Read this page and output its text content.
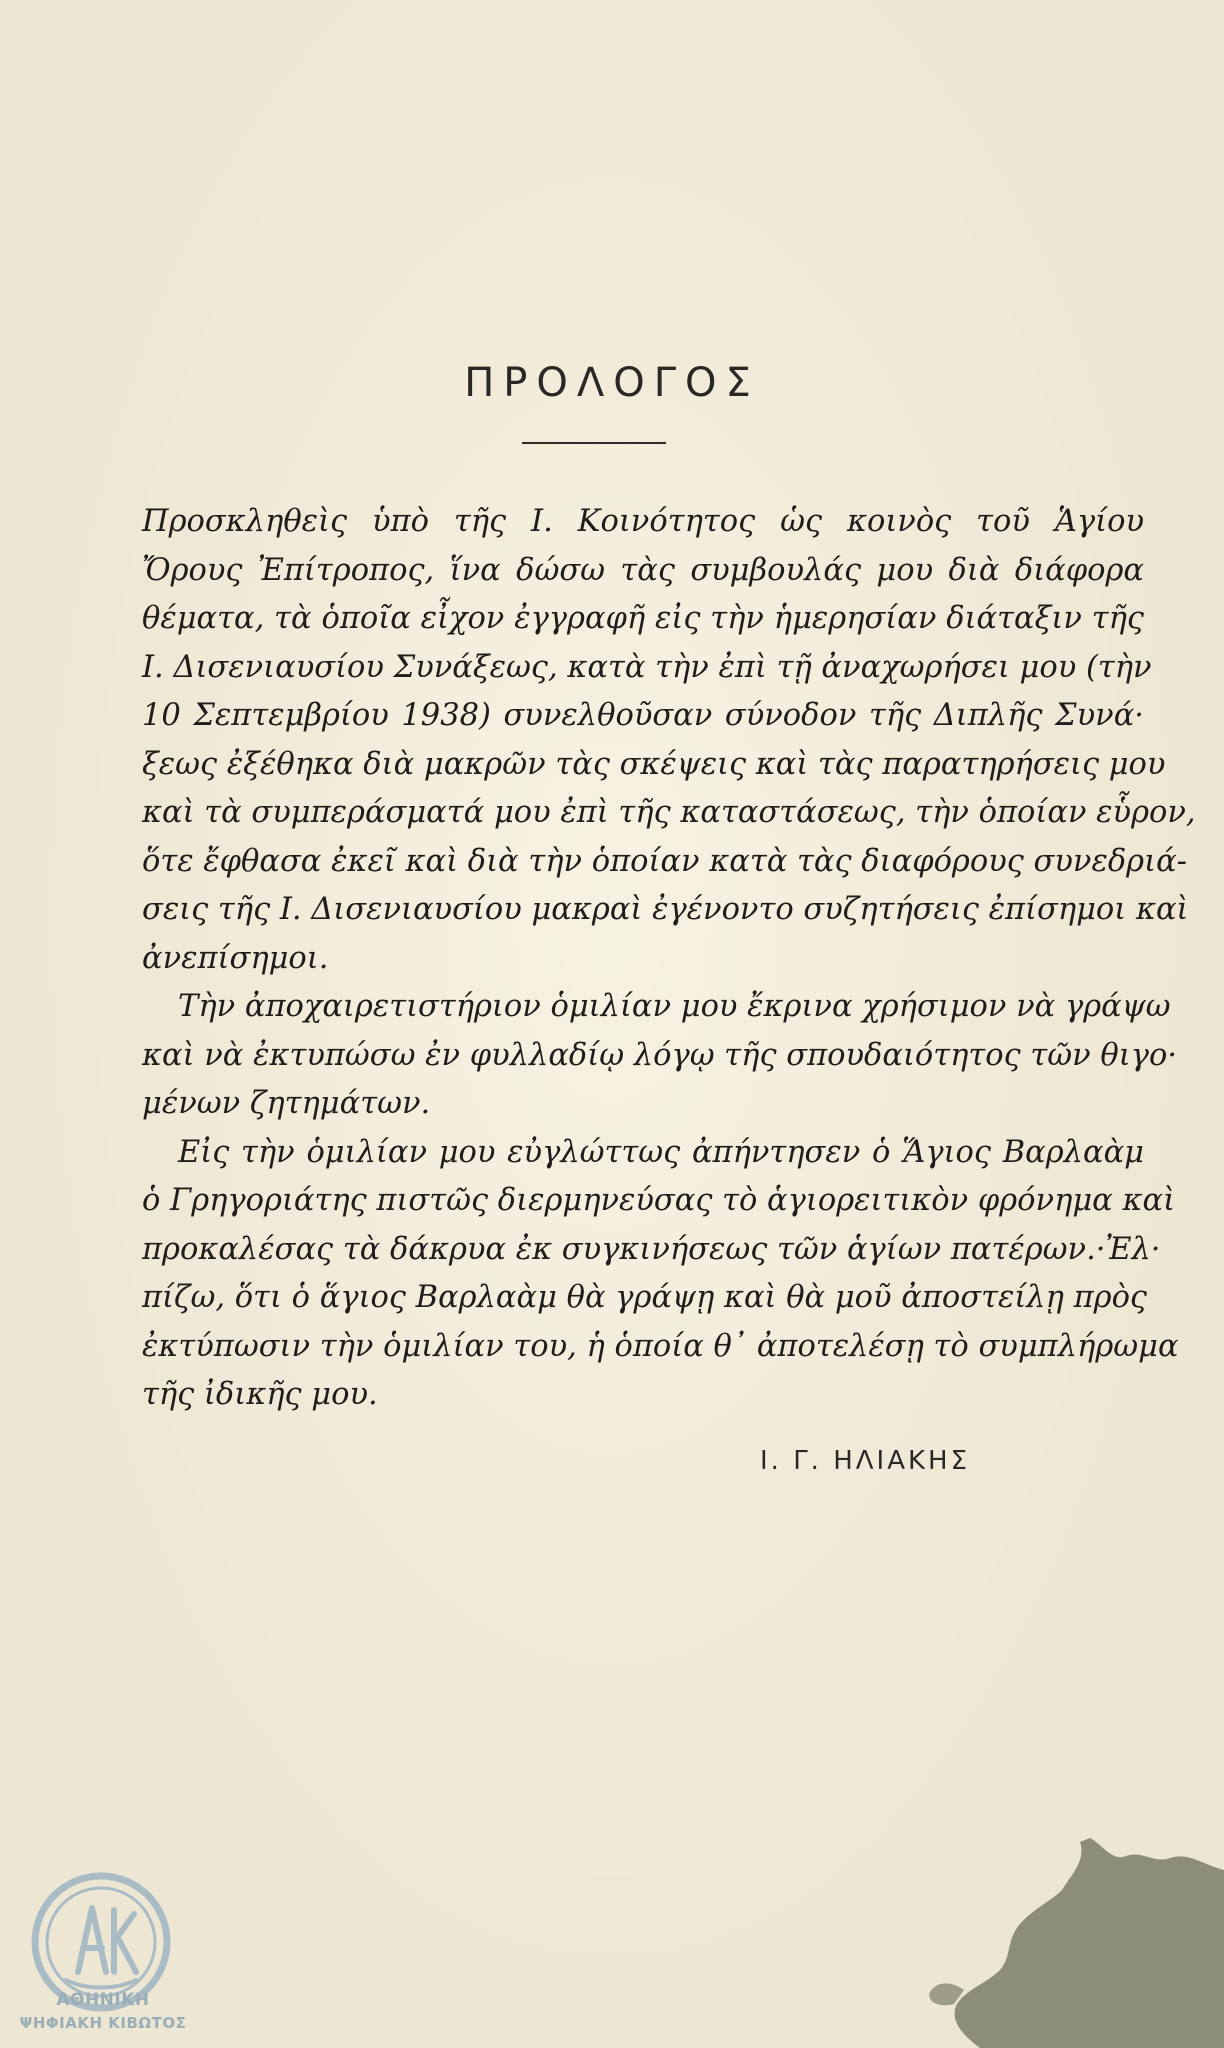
ΠΡΟΛΟΓΟΣ
Προσκληθεὶς ὑπὸ τῆς Ι. Κοινότητος ὡς κοινὸς τοῦ Ἁγίου
Ὄρους Ἐπίτροπος, ἵνα δώσω τὰς συμβουλάς μου διὰ διάφορα
θέματα, τὰ ὁποῖα εἶχον ἐγγραφῆ εἰς τὴν ἡμερησίαν διάταξιν τῆς
Ι. Δισενιαυσίου Συνάξεως, κατὰ τὴν ἐπὶ τῇ ἀναχωρήσει μου (τὴν
10 Σεπτεμβρίου 1938) συνελθοῦσαν σύνοδον τῆς Διπλῆς Συνά·
ξεως ἐξέθηκα διὰ μακρῶν τὰς σκέψεις καὶ τὰς παρατηρήσεις μου
καὶ τὰ συμπεράσματά μου ἐπὶ τῆς καταστάσεως, τὴν ὁποίαν εὗρον,
ὅτε ἔφθασα ἐκεῖ καὶ διὰ τὴν ὁποίαν κατὰ τὰς διαφόρους συνεδριά-
σεις τῆς Ι. Δισενιαυσίου μακραὶ ἐγένοντο συζητήσεις ἐπίσημοι καὶ
ἀνεπίσημοι.
Τὴν ἀποχαιρετιστήριον ὁμιλίαν μου ἔκρινα χρήσιμον νὰ γράψω
καὶ νὰ ἐκτυπώσω ἐν φυλλαδίῳ λόγῳ τῆς σπουδαιότητος τῶν θιγο·
μένων ζητημάτων.
Εἰς τὴν ὁμιλίαν μου εὐγλώττως ἀπήντησεν ὁ Ἅγιος Βαρλαὰμ
ὁ Γρηγοριάτης πιστῶς διερμηνεύσας τὸ ἁγιορειτικὸν φρόνημα καὶ
προκαλέσας τὰ δάκρυα ἐκ συγκινήσεως τῶν ἁγίων πατέρων.·Ἐλ·
πίζω, ὅτι ὁ ἅγιος Βαρλαὰμ θὰ γράψῃ καὶ θὰ μοῦ ἀποστείλῃ πρὸς
ἐκτύπωσιν τὴν ὁμιλίαν του, ἡ ὁποία θ᾽ ἀποτελέσῃ τὸ συμπλήρωμα
τῆς ἰδικῆς μου.
Ι. Γ. ΗΛΙΑΚΗΣ
ΑΘΗΝΙΚΗ
ΨΗΦΙΑΚΗ ΚΙΒΩΤΟΣ
